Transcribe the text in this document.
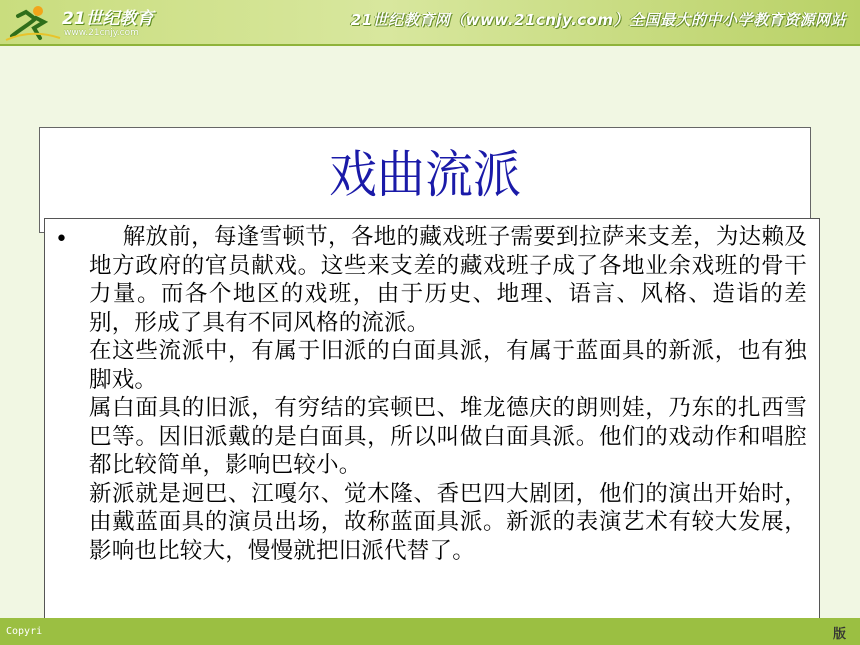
21世纪教育
www.21cnjy.com
21世纪教育网（www.21cnjy.com）全国最大的中小学教育资源网站
戏曲流派
•	解放前，每逢雪顿节，各地的藏戏班子需要到拉萨来支差，为达赖及地方政府的官员献戏。这些来支差的藏戏班子成了各地业余戏班的骨干力量。而各个地区的戏班，由于历史、地理、语言、风格、造诣的差别，形成了具有不同风格的流派。

在这些流派中，有属于旧派的白面具派，有属于蓝面具的新派，也有独脚戏。

属白面具的旧派，有穷结的宾顿巴、堆龙德庆的朗则娃，乃东的扎西雪巴等。因旧派戴的是白面具，所以叫做白面具派。他们的戏动作和唱腔都比较简单，影响巴较小。

新派就是迥巴、江嘎尔、觉木隆、香巴四大剧团，他们的演出开始时，由戴蓝面具的演员出场，故称蓝面具派。新派的表演艺术有较大发展，影响也比较大，慢慢就把旧派代替了。

Copyri	版
